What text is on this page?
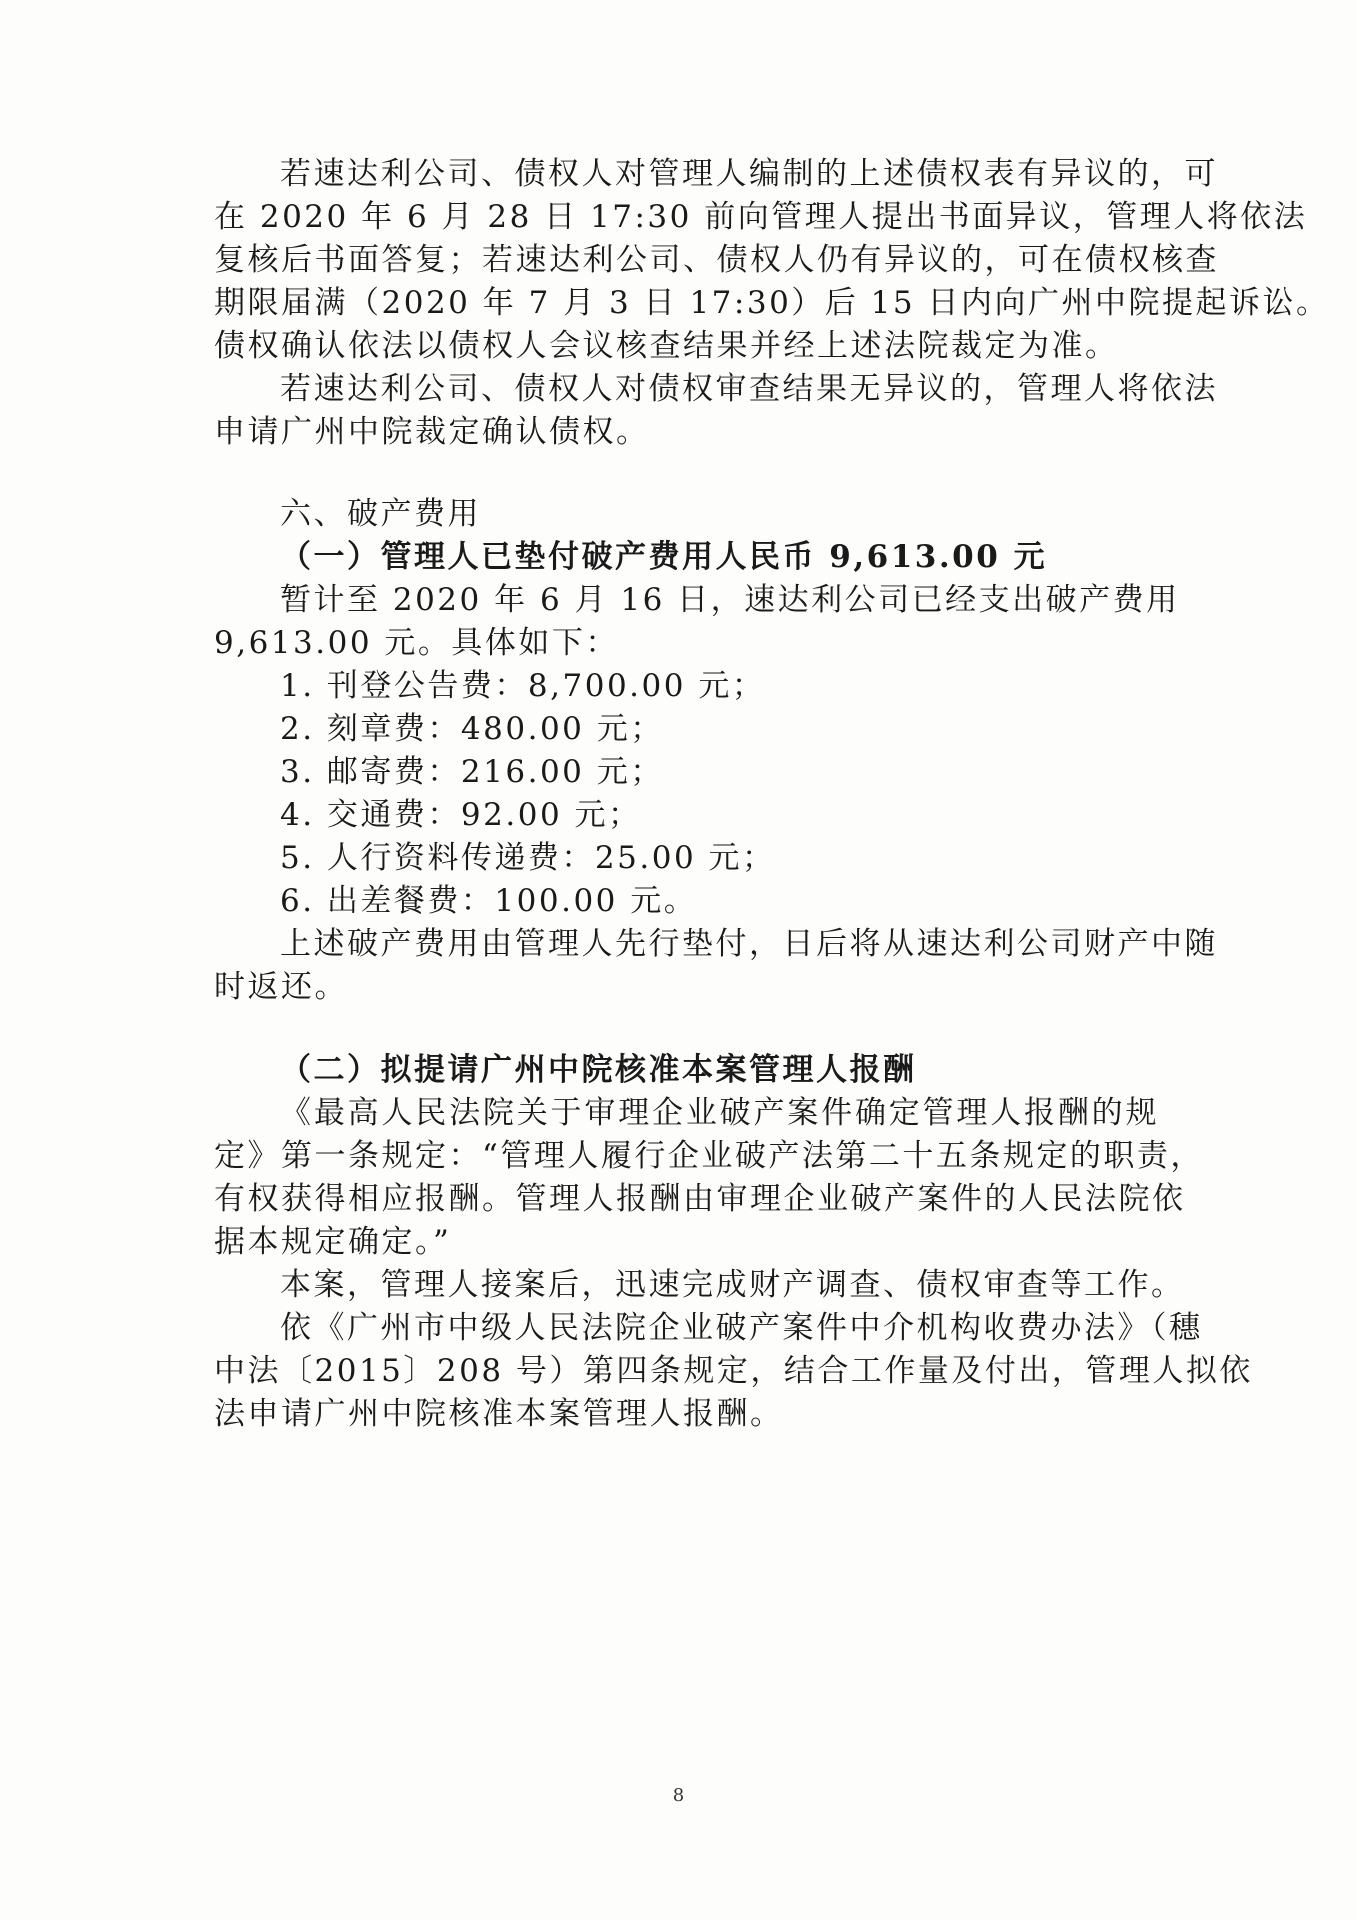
若速达利公司、债权人对管理人编制的上述债权表有异议的，可
在 2020 年 6 月 28 日 17:30 前向管理人提出书面异议，管理人将依法
复核后书面答复；若速达利公司、债权人仍有异议的，可在债权核查
期限届满（2020 年 7 月 3 日 17:30）后 15 日内向广州中院提起诉讼。
债权确认依法以债权人会议核查结果并经上述法院裁定为准。
若速达利公司、债权人对债权审查结果无异议的，管理人将依法
申请广州中院裁定确认债权。
六、破产费用
（一）管理人已垫付破产费用人民币 9,613.00 元
暂计至 2020 年 6 月 16 日，速达利公司已经支出破产费用
9,613.00 元。具体如下：
1. 刊登公告费：8,700.00 元；
2. 刻章费：480.00 元；
3. 邮寄费：216.00 元；
4. 交通费：92.00 元；
5. 人行资料传递费：25.00 元；
6. 出差餐费：100.00 元。
上述破产费用由管理人先行垫付，日后将从速达利公司财产中随
时返还。
（二）拟提请广州中院核准本案管理人报酬
《最高人民法院关于审理企业破产案件确定管理人报酬的规
定》第一条规定：“管理人履行企业破产法第二十五条规定的职责，
有权获得相应报酬。管理人报酬由审理企业破产案件的人民法院依
据本规定确定。”
本案，管理人接案后，迅速完成财产调查、债权审查等工作。
依《广州市中级人民法院企业破产案件中介机构收费办法》（穗
中法〔2015〕208 号）第四条规定，结合工作量及付出，管理人拟依
法申请广州中院核准本案管理人报酬。
8
